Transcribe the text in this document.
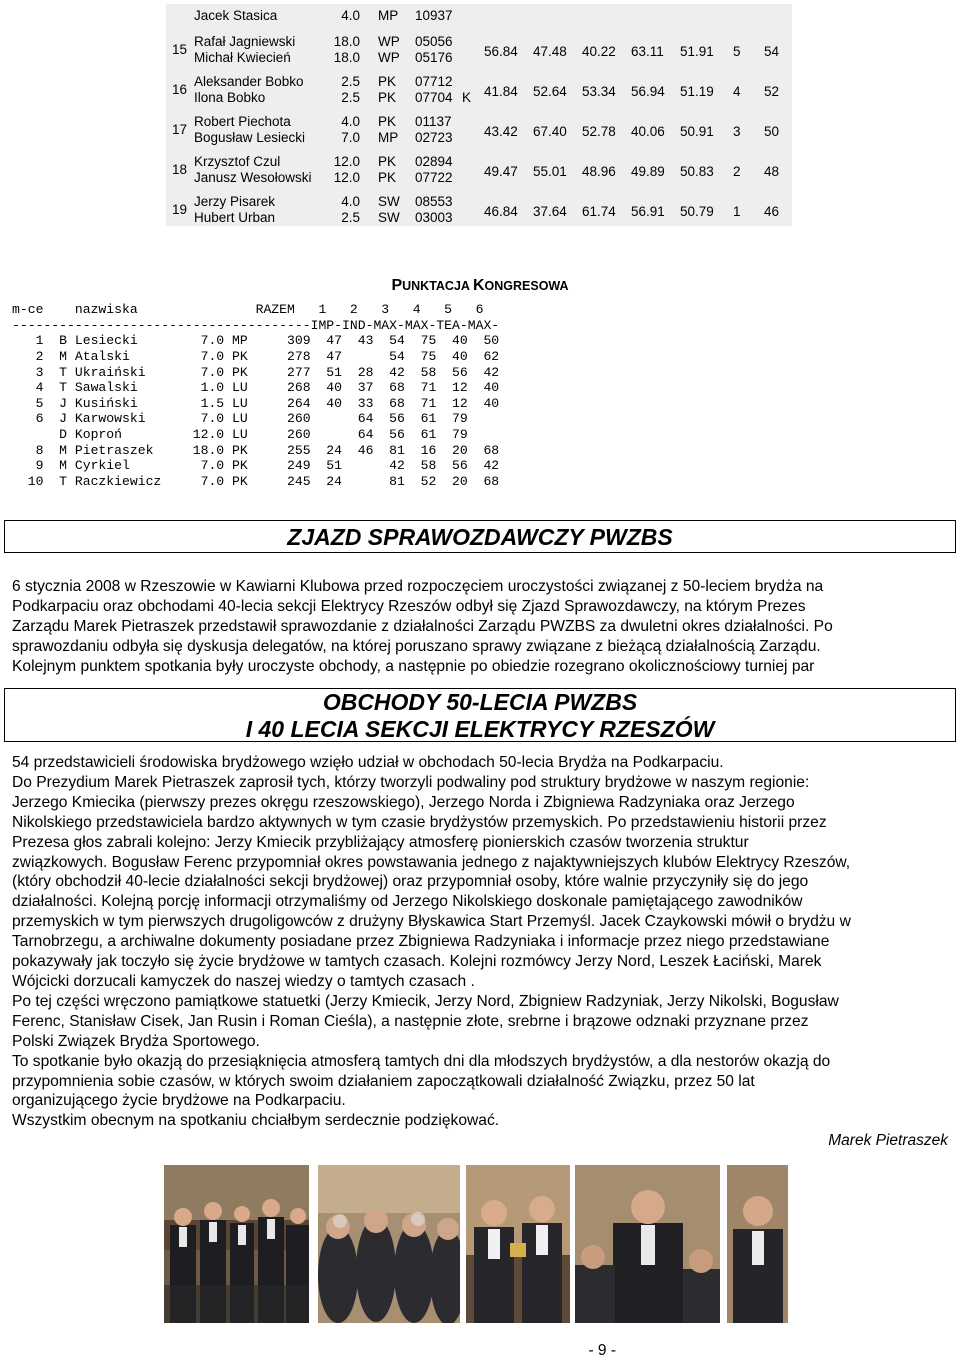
Jacek Stasica	4.0 MP 10937
15
Rafał Jagniewski
Michał Kwiecień
18.0
18.0
WP
WP
05056
05176 56.84 47.48 40.22 63.11 51.91 5 54
16
Aleksander Bobko
Ilona Bobko
2.5
2.5
PK
PK
07712
07704 K 41.84 52.64 53.34 56.94 51.19 4 52
17
Robert Piechota
Bogusław Lesiecki
4.0
7.0
PK
MP
01137
02723 43.42 67.40 52.78 40.06 50.91 3 50
18
Krzysztof Czul
Janusz Wesołowski
12.0
12.0
PK
PK
02894
07722 49.47 55.01 48.96 49.89 50.83 2 48
19
Jerzy Pisarek
Hubert Urban
4.0
2.5
SW
SW
08553
03003 46.84 37.64 61.74 56.91 50.79 1 46
PUNKTACJA KONGRESOWA
m-ce    nazwiska               RAZEM   1   2   3   4   5   6
--------------------------------------IMP-IND-MAX-MAX-TEA-MAX-
1  B Lesiecki        7.0 MP     309  47  43  54  75  40  50
2  M Atalski         7.0 PK     278  47      54  75  40  62
3  T Ukraiński       7.0 PK     277  51  28  42  58  56  42
4  T Sawalski        1.0 LU     268  40  37  68  71  12  40
5  J Kusiński        1.5 LU     264  40  33  68  71  12  40
6  J Karwowski       7.0 LU     260      64  56  61  79
D Koproń         12.0 LU     260      64  56  61  79
8  M Pietraszek     18.0 PK     255  24  46  81  16  20  68
9  M Cyrkiel         7.0 PK     249  51      42  58  56  42
10  T Raczkiewicz     7.0 PK     245  24      81  52  20  68
ZJAZD SPRAWOZDAWCZY PWZBS
6 stycznia 2008 w Rzeszowie w Kawiarni Klubowa przed rozpoczęciem uroczystości związanej z 50-leciem brydża na
Podkarpaciu oraz obchodami 40-lecia sekcji Elektrycy Rzeszów odbył się Zjazd Sprawozdawczy, na którym Prezes
Zarządu Marek Pietraszek przedstawił sprawozdanie z działalności Zarządu PWZBS za dwuletni okres działalności. Po
sprawozdaniu odbyła się dyskusja delegatów, na której poruszano sprawy związane z bieżącą działalnością Zarządu.
Kolejnym punktem spotkania były uroczyste obchody, a następnie po obiedzie rozegrano okolicznościowy turniej par
OBCHODY 50-LECIA PWZBS
I 40 LECIA SEKCJI ELEKTRYCY RZESZÓW
54 przedstawicieli środowiska brydżowego wzięło udział w obchodach 50-lecia Brydża na Podkarpaciu.
Do Prezydium Marek Pietraszek zaprosił tych, którzy tworzyli podwaliny pod struktury brydżowe w naszym regionie:
Jerzego Kmiecika (pierwszy prezes okręgu rzeszowskiego), Jerzego Norda i Zbigniewa Radzyniaka oraz Jerzego
Nikolskiego przedstawiciela bardzo aktywnych w tym czasie brydżystów przemyskich. Po przedstawieniu historii przez
Prezesa głos zabrali kolejno: Jerzy Kmiecik przybliżający atmosferę pionierskich czasów tworzenia struktur
związkowych. Bogusław Ferenc przypomniał okres powstawania jednego z najaktywniejszych klubów Elektrycy Rzeszów,
(który obchodził 40-lecie działalności sekcji brydżowej) oraz przypomniał osoby, które walnie przyczyniły się do jego
działalności. Kolejną porcję informacji otrzymaliśmy od Jerzego Nikolskiego doskonale pamiętającego zawodników
przemyskich w tym pierwszych drugoligowców z drużyny Błyskawica Start Przemyśl. Jacek Czaykowski mówił o brydżu w
Tarnobrzegu, a archiwalne dokumenty posiadane przez Zbigniewa Radzyniaka i informacje przez niego przedstawiane
pokazywały jak toczyło się życie brydżowe w tamtych czasach. Kolejni rozmówcy Jerzy Nord, Leszek Łaciński, Marek
Wójcicki dorzucali kamyczek do naszej wiedzy o tamtych czasach .
Po tej części wręczono pamiątkowe statuetki (Jerzy Kmiecik, Jerzy Nord, Zbigniew Radzyniak, Jerzy Nikolski, Bogusław
Ferenc, Stanisław Cisek, Jan Rusin i Roman Cieśla), a następnie złote, srebrne i brązowe odznaki przyznane przez
Polski Związek Brydża Sportowego.
To spotkanie było okazją do przesiąknięcia atmosferą tamtych dni dla młodszych brydżystów, a dla nestorów okazją do
przypomnienia sobie czasów, w których swoim działaniem zapoczątkowali działalność Związku, przez 50 lat
organizującego życie brydżowe na Podkarpaciu.
Wszystkim obecnym na spotkaniu chciałbym serdecznie podziękować.
Marek Pietraszek
- 9 -
